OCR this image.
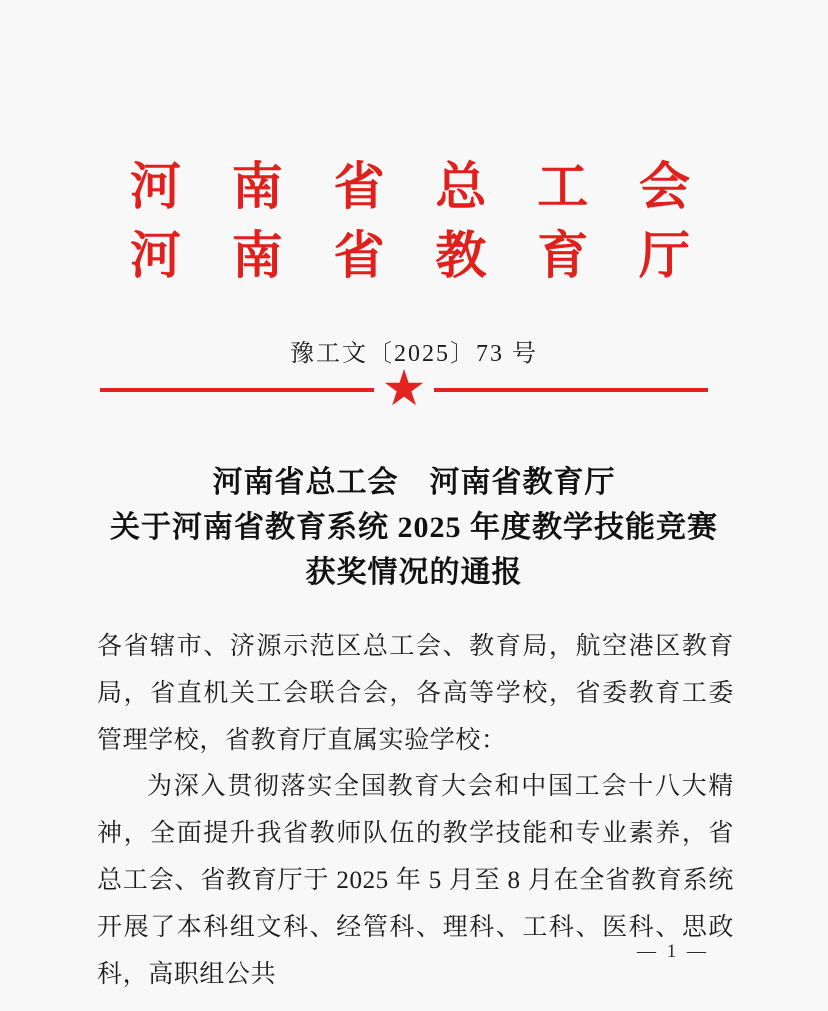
河 南 省 总 工 会
河 南 省 教 育 厅
豫工文〔2025〕73 号
★
河南省总工会　河南省教育厅
关于河南省教育系统 2025 年度教学技能竞赛
获奖情况的通报

各省辖市、济源示范区总工会、教育局，航空港区教育局，省直机关工会联合会，各高等学校，省委教育工委管理学校，省教育厅直属实验学校：

为深入贯彻落实全国教育大会和中国工会十八大精神，全面提升我省教师队伍的教学技能和专业素养，省总工会、省教育厅于 2025 年 5 月至 8 月在全省教育系统开展了本科组文科、经管科、理科、工科、医科、思政科，高职组公共

— 1 —
